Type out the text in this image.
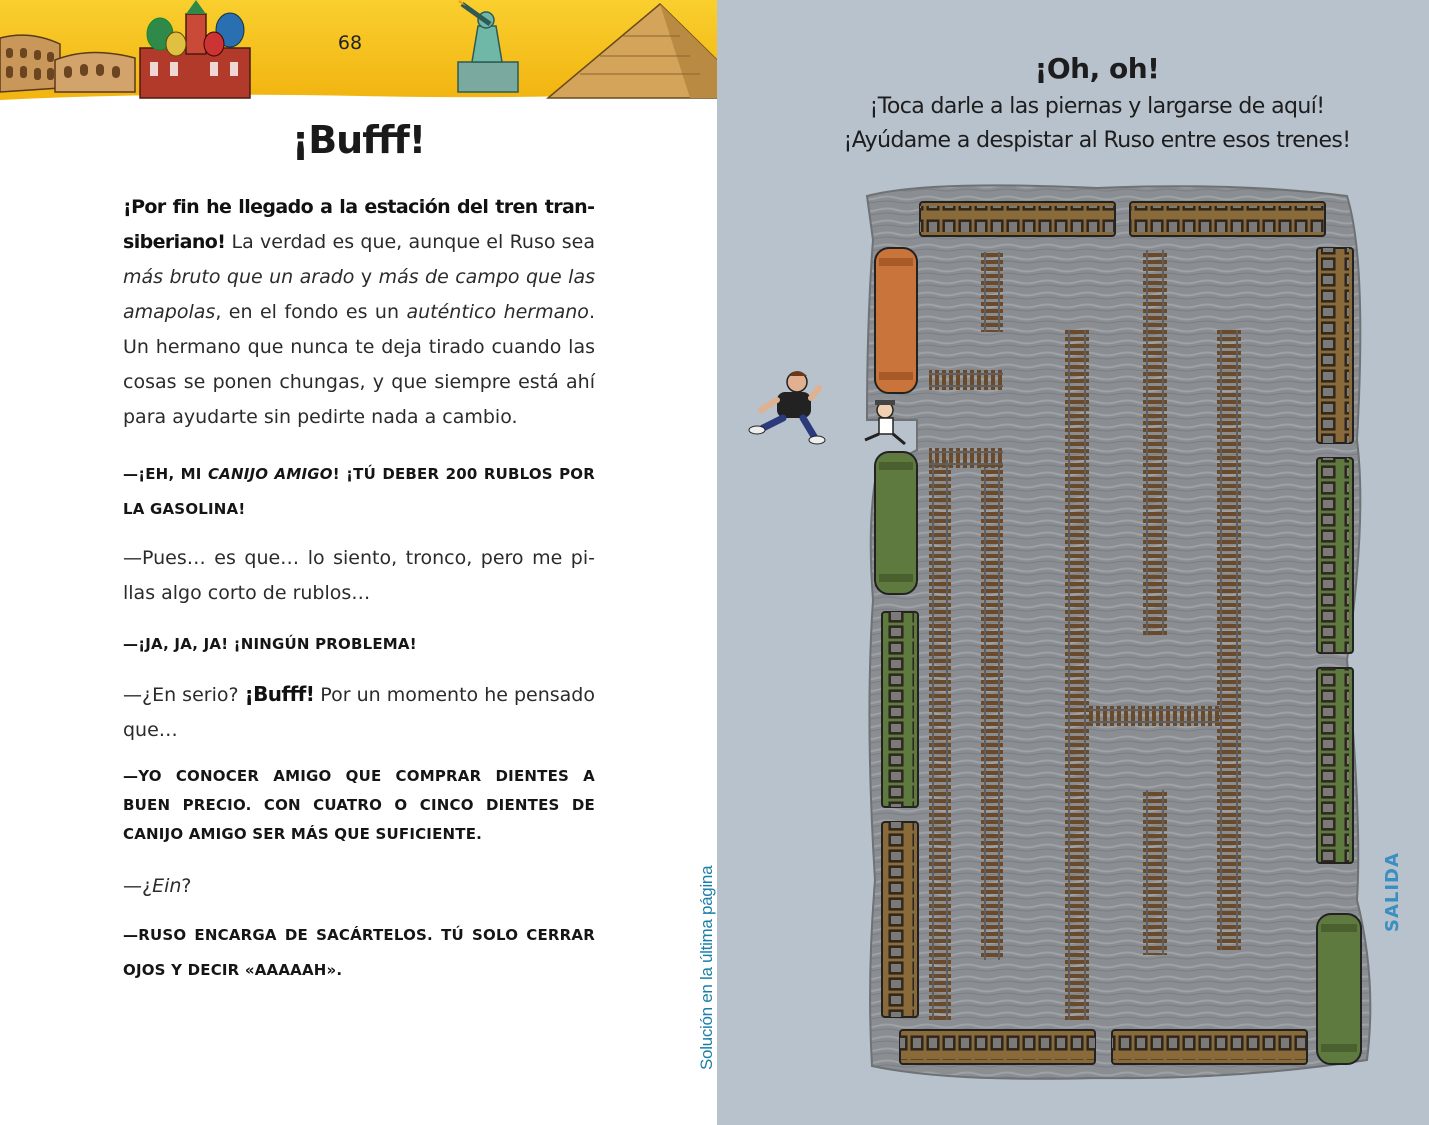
68
¡Bufff!

¡Por fin he llegado a la estación del tren transiberiano! La verdad es que, aunque el Ruso sea más bruto que un arado y más de campo que las amapolas, en el fondo es un auténtico hermano. Un hermano que nunca te deja tirado cuando las cosas se ponen chungas, y que siempre está ahí para ayudarte sin pedirte nada a cambio.

—¡EH, MI CANIJO AMIGO! ¡TÚ DEBER 200 RUBLOS POR LA GASOLINA!

—Pues… es que… lo siento, tronco, pero me pillas algo corto de rublos…

—¡JA, JA, JA! ¡NINGÚN PROBLEMA!

—¿En serio? ¡Bufff! Por un momento he pensado que…

—YO CONOCER AMIGO QUE COMPRAR DIENTES A BUEN PRECIO. CON CUATRO O CINCO DIENTES DE CANIJO AMIGO SER MÁS QUE SUFICIENTE.

—¿Ein?

—RUSO ENCARGA DE SACÁRTELOS. TÚ SOLO CERRAR OJOS Y DECIR «AAAAAH».

¡Oh, oh!
¡Toca darle a las piernas y largarse de aquí!
¡Ayúdame a despistar al Ruso entre esos trenes!
Solución en la última página	SALIDA
